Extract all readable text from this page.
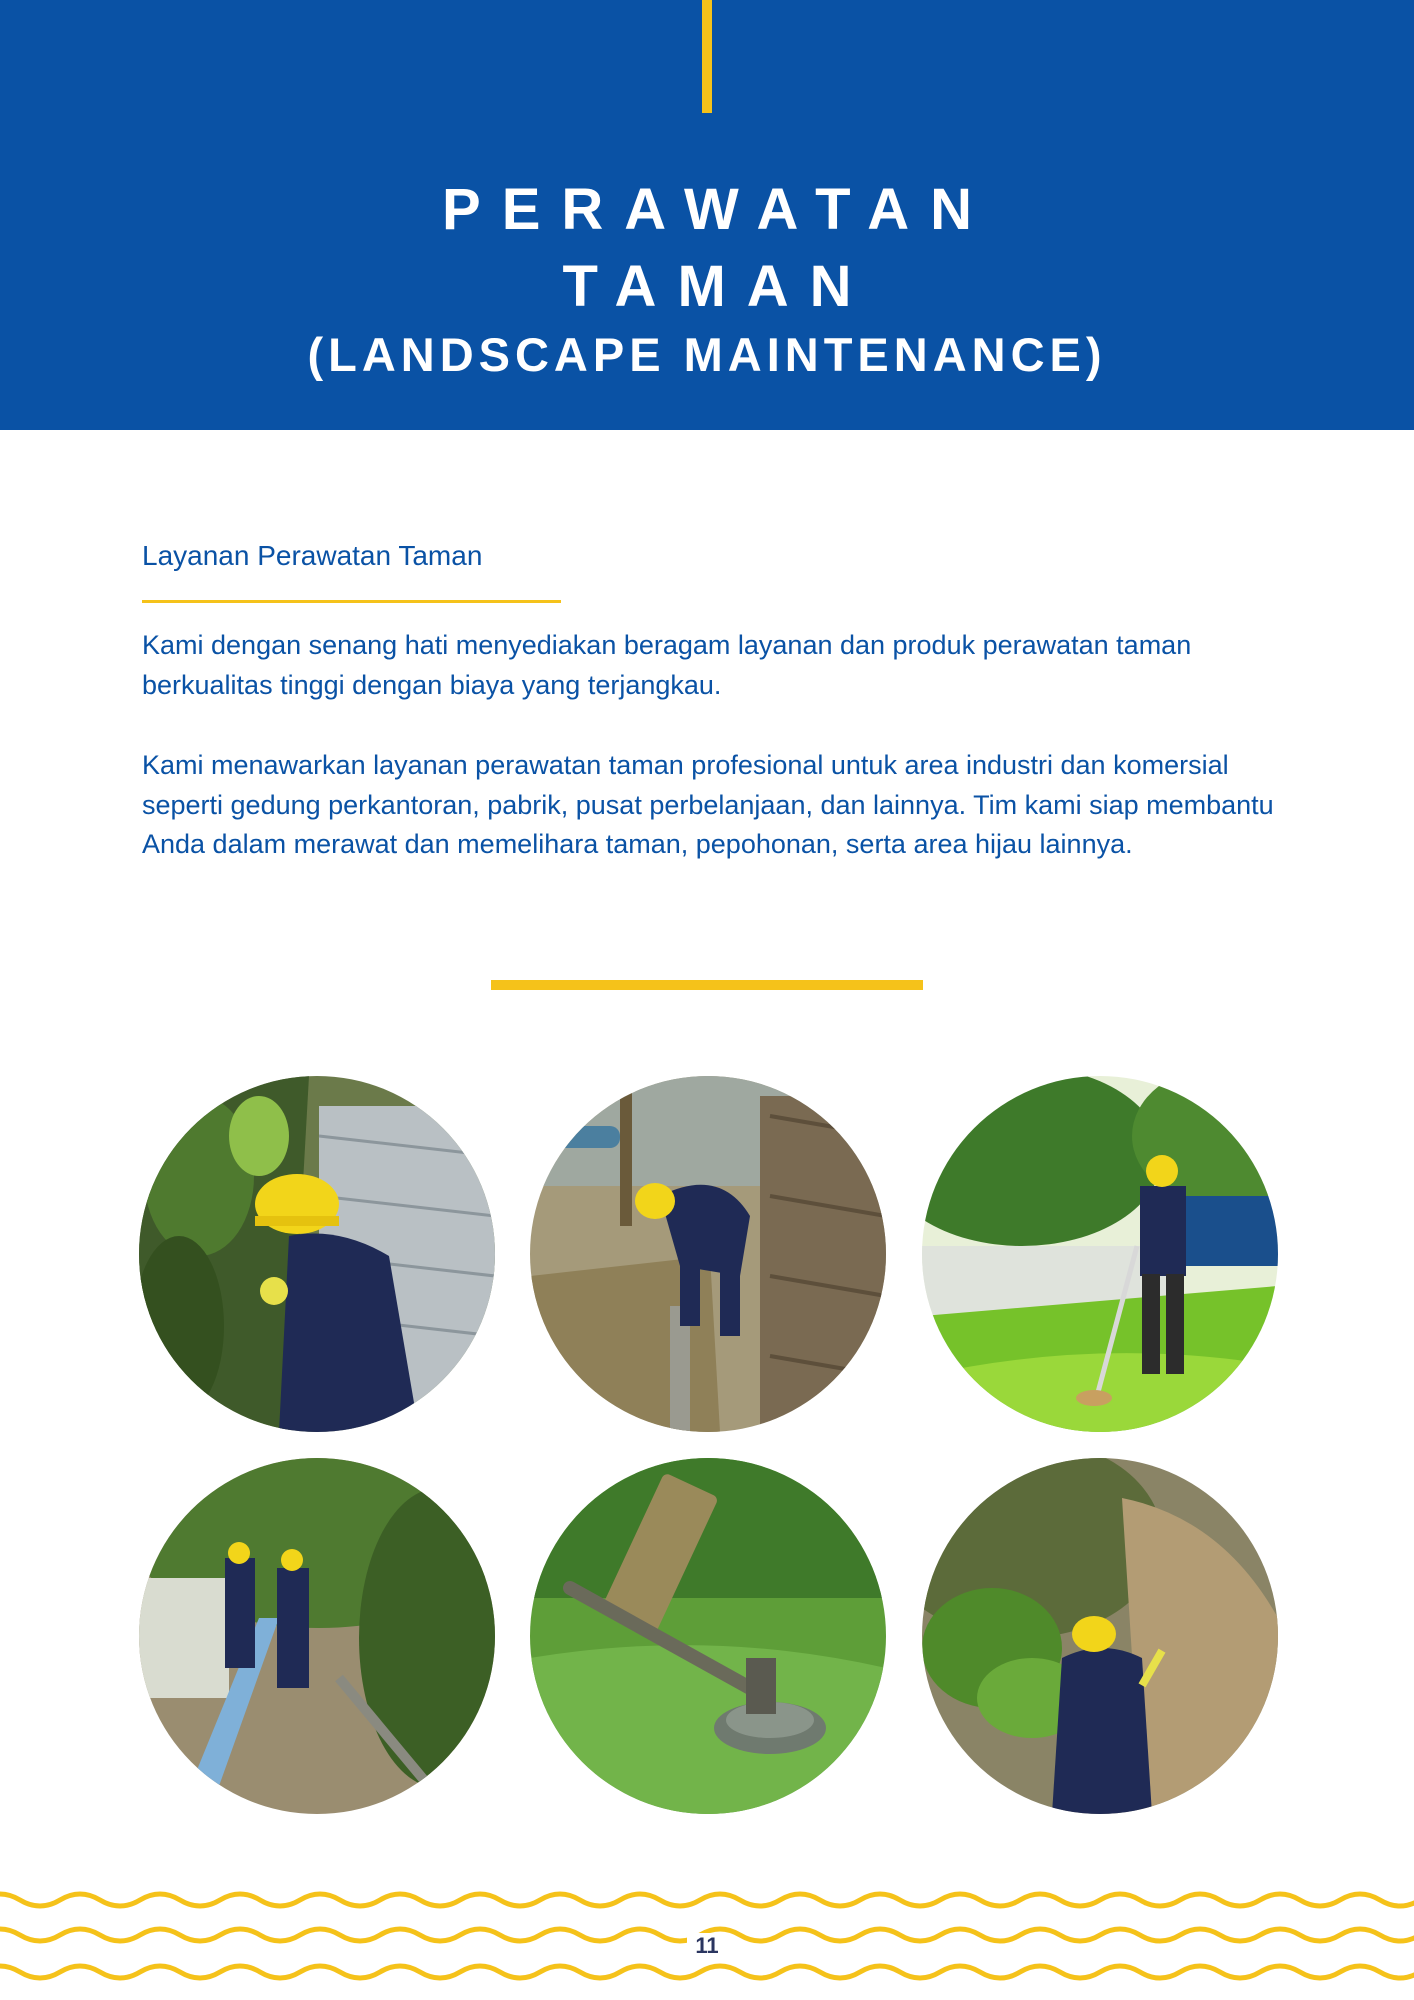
PERAWATAN
TAMAN
(LANDSCAPE MAINTENANCE)
Layanan Perawatan Taman

Kami dengan senang hati menyediakan beragam layanan dan produk perawatan taman berkualitas tinggi dengan biaya yang terjangkau.

Kami menawarkan layanan perawatan taman profesional untuk area industri dan komersial seperti gedung perkantoran, pabrik, pusat perbelanjaan, dan lainnya. Tim kami siap membantu Anda dalam merawat dan memelihara taman, pepohonan, serta area hijau lainnya.

11
